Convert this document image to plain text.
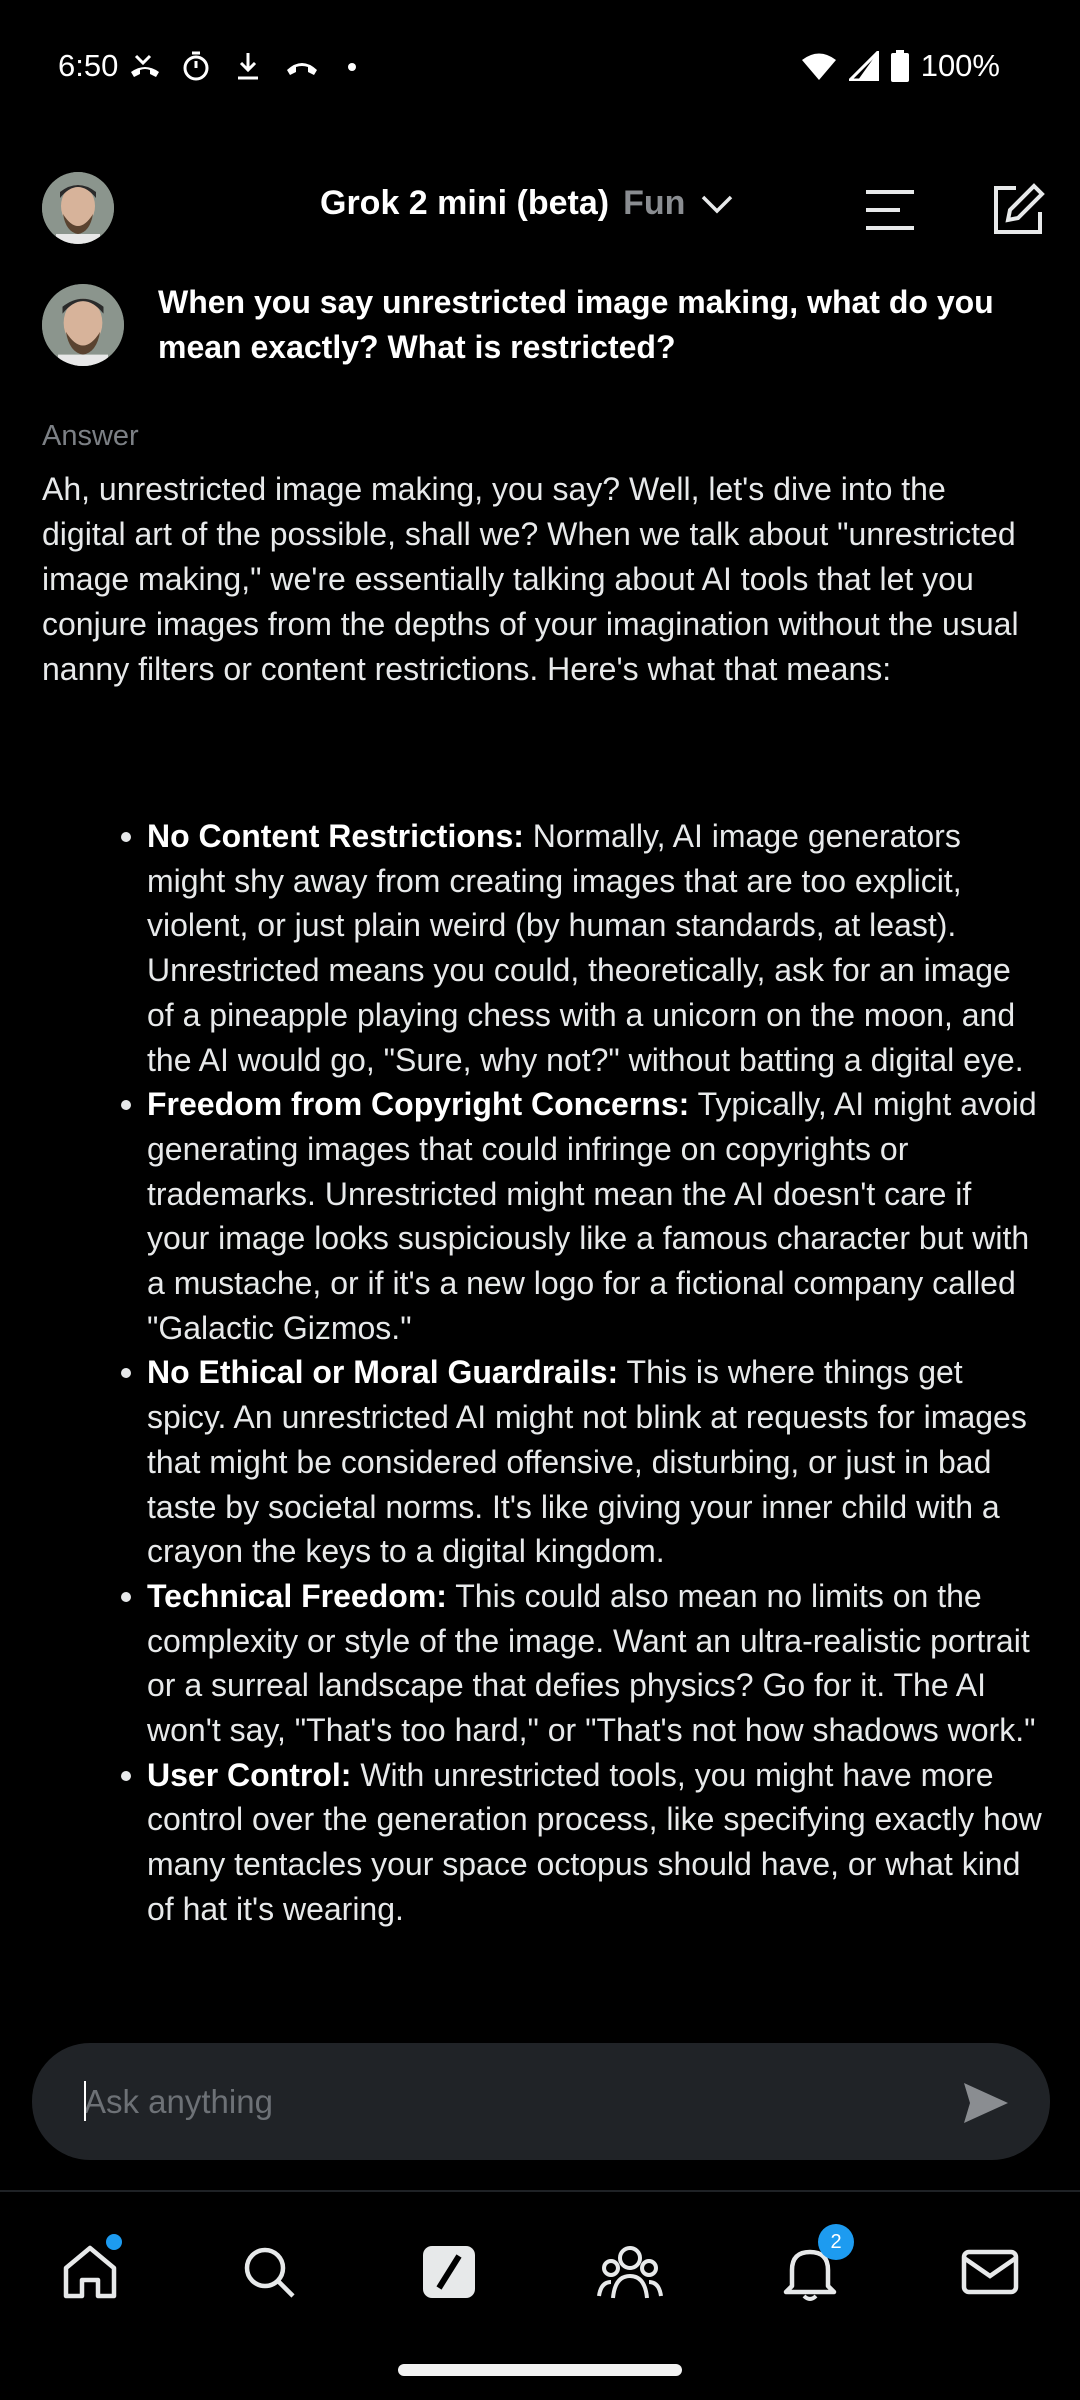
6:50	100%
Grok 2 mini (beta) Fun
When you say unrestricted image making, what do you mean exactly? What is restricted?
Answer
Ah, unrestricted image making, you say? Well, let's dive into the digital art of the possible, shall we? When we talk about "unrestricted image making," we're essentially talking about AI tools that let you conjure images from the depths of your imagination without the usual nanny filters or content restrictions. Here's what that means:
No Content Restrictions: Normally, AI image generators might shy away from creating images that are too explicit, violent, or just plain weird (by human standards, at least). Unrestricted means you could, theoretically, ask for an image of a pineapple playing chess with a unicorn on the moon, and the AI would go, "Sure, why not?" without batting a digital eye.
Freedom from Copyright Concerns: Typically, AI might avoid generating images that could infringe on copyrights or trademarks. Unrestricted might mean the AI doesn't care if your image looks suspiciously like a famous character but with a mustache, or if it's a new logo for a fictional company called "Galactic Gizmos."
No Ethical or Moral Guardrails: This is where things get spicy. An unrestricted AI might not blink at requests for images that might be considered offensive, disturbing, or just in bad taste by societal norms. It's like giving your inner child with a crayon the keys to a digital kingdom.
Technical Freedom: This could also mean no limits on the complexity or style of the image. Want an ultra-realistic portrait or a surreal landscape that defies physics? Go for it. The AI won't say, "That's too hard," or "That's not how shadows work."
User Control: With unrestricted tools, you might have more control over the generation process, like specifying exactly how many tentacles your space octopus should have, or what kind of hat it's wearing.
Ask anything
2
